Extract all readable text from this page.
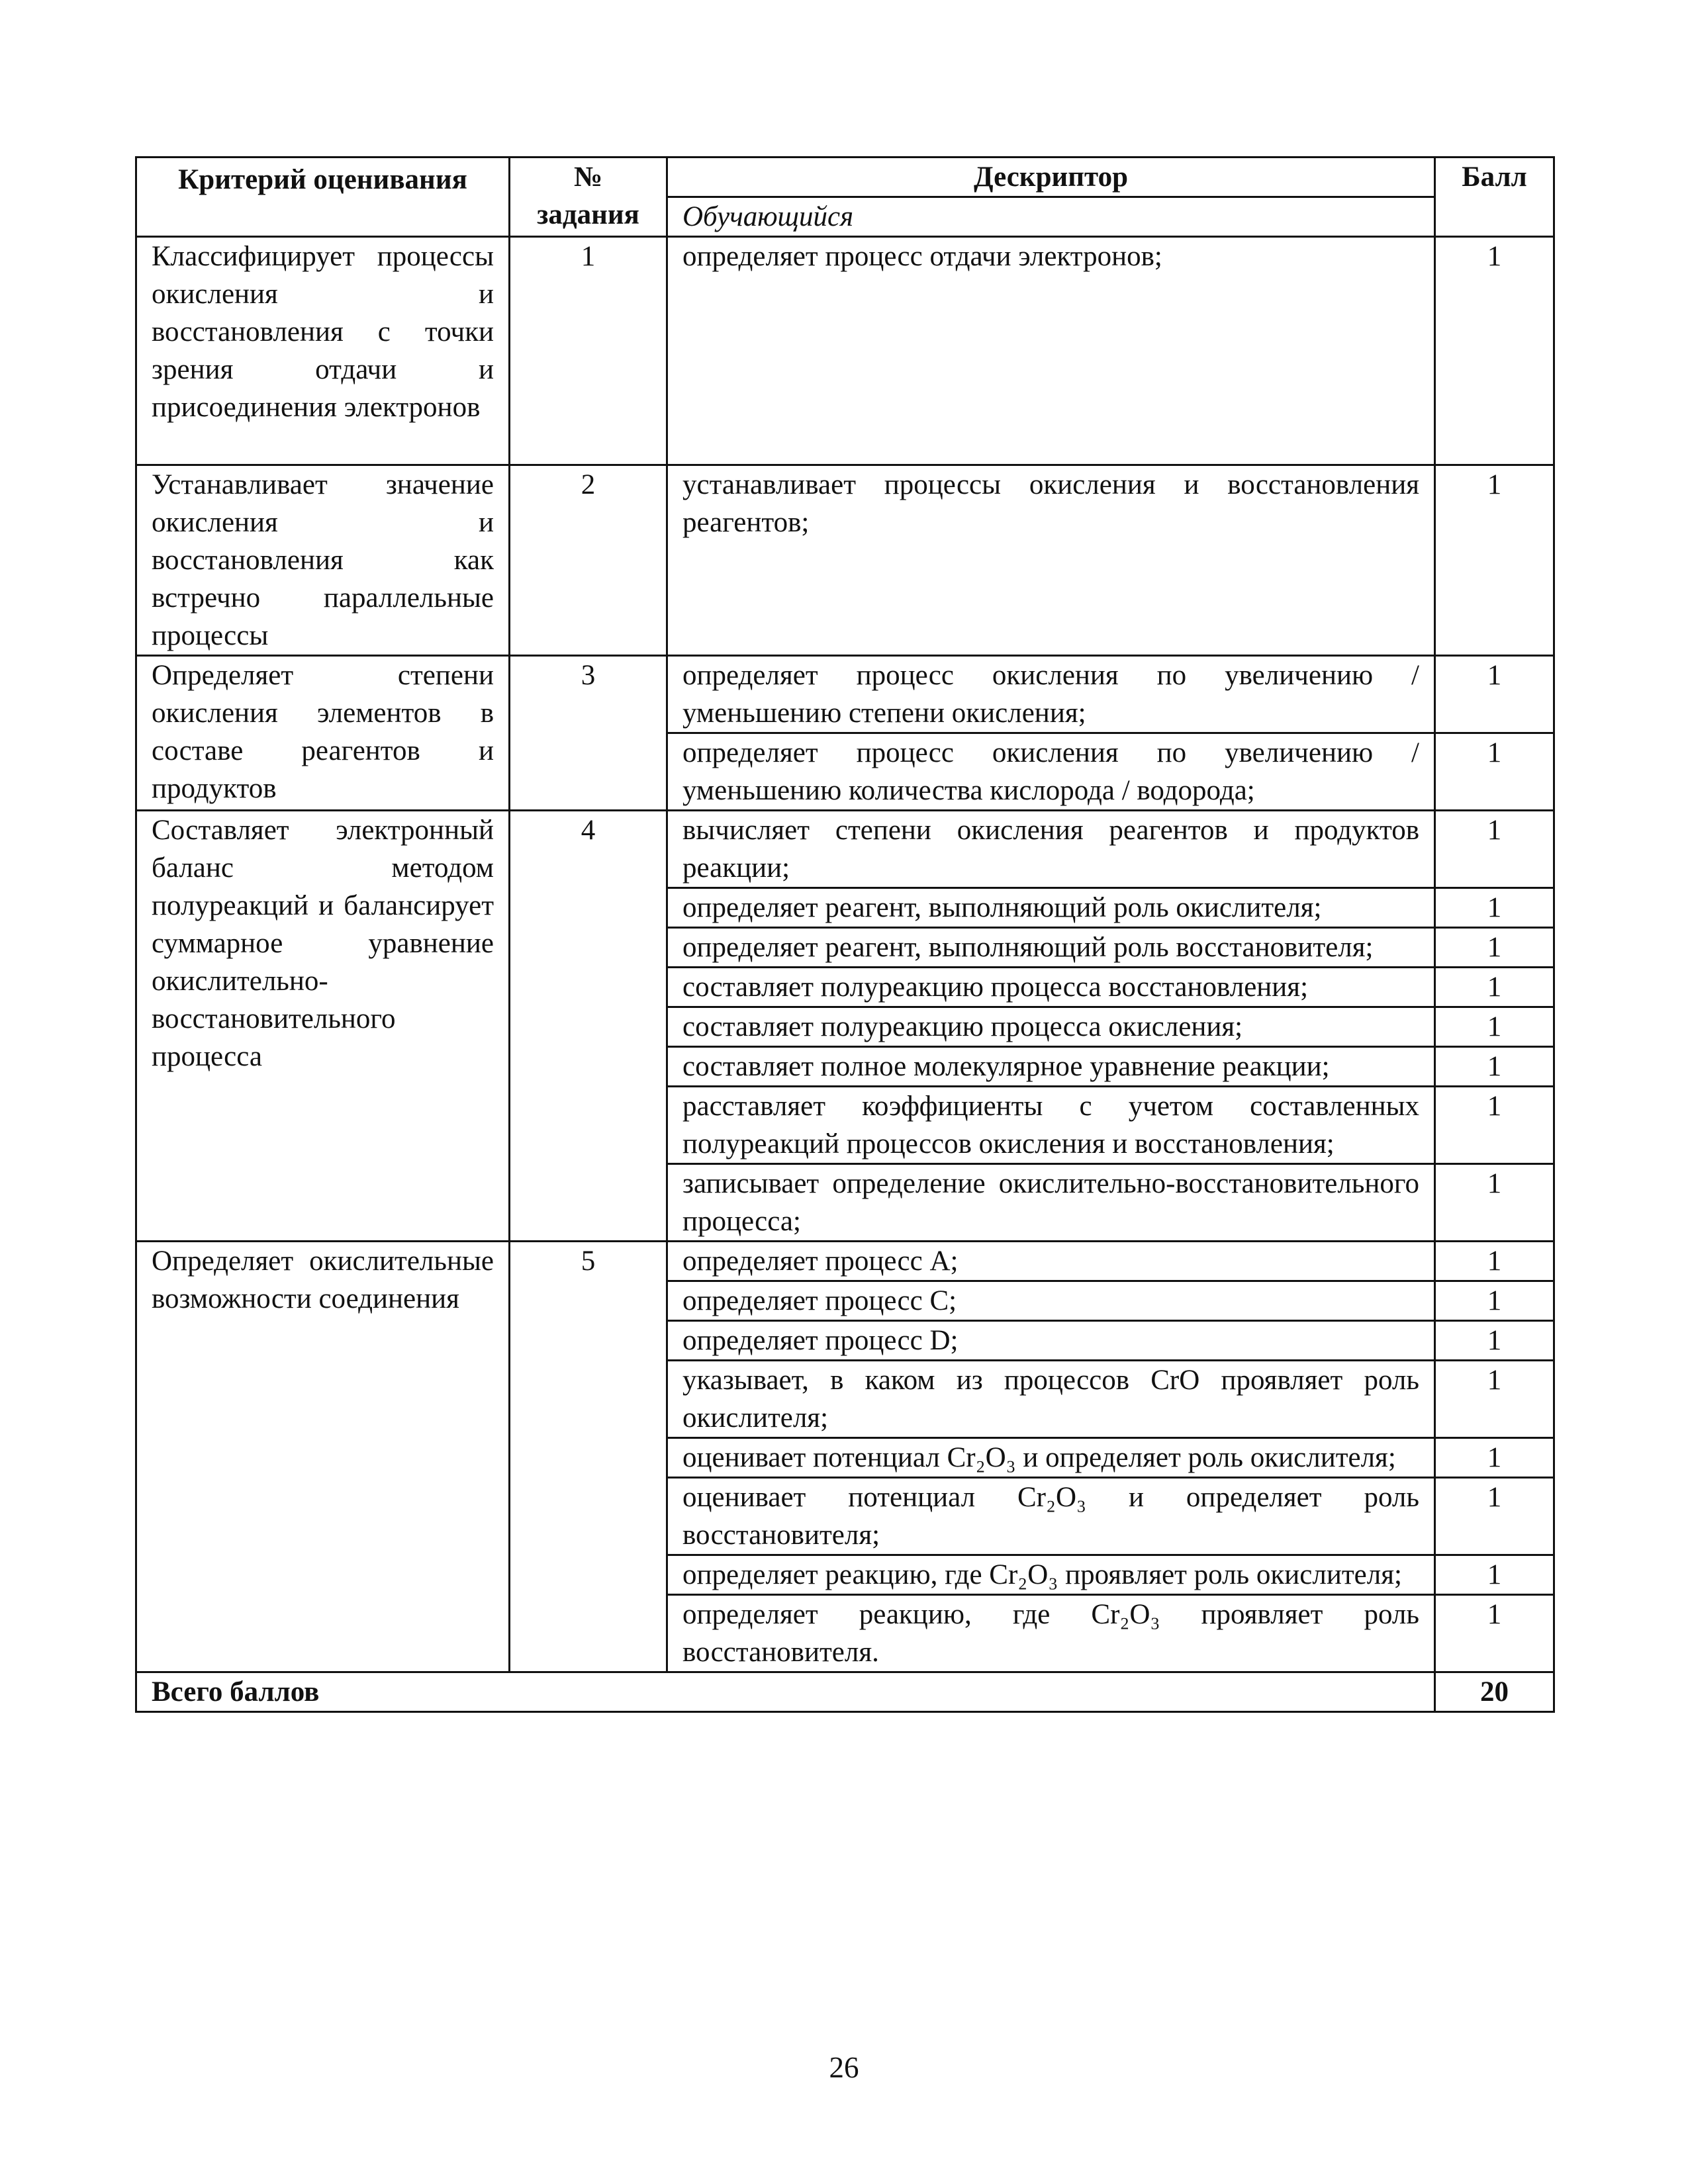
Критерий оценивания	№ задания	Дескриптор	Балл
		Обучающийся	
Классифицирует процессы окисления и восстановления с точки зрения отдачи и присоединения электронов	1	определяет процесс отдачи электронов;	1
Устанавливает значение окисления и восстановления как встречно параллельные процессы	2	устанавливает процессы окисления и восстановления реагентов;	1
Определяет степени окисления элементов в составе реагентов и продуктов	3	определяет процесс окисления по увеличению / уменьшению степени окисления;	1
		определяет процесс окисления по увеличению / уменьшению количества кислорода / водорода;	1
Составляет электронный баланс методом полуреакций и балансирует суммарное уравнение окислительно-восстановительного процесса	4	вычисляет степени окисления реагентов и продуктов реакции;	1
		определяет реагент, выполняющий роль окислителя;	1
		определяет реагент, выполняющий роль восстановителя;	1
		составляет полуреакцию процесса восстановления;	1
		составляет полуреакцию процесса окисления;	1
		составляет полное молекулярное уравнение реакции;	1
		расставляет коэффициенты с учетом составленных полуреакций процессов окисления и восстановления;	1
		записывает определение окислительно-восстановительного процесса;	1
Определяет окислительные возможности соединения	5	определяет процесс А;	1
		определяет процесс С;	1
		определяет процесс D;	1
		указывает, в каком из процессов CrO проявляет роль окислителя;	1
		оценивает потенциал Cr₂O₃ и определяет роль окислителя;	1
		оценивает потенциал Cr₂O₃ и определяет роль восстановителя;	1
		определяет реакцию, где Cr₂O₃ проявляет роль окислителя;	1
		определяет реакцию, где Cr₂O₃ проявляет роль восстановителя.	1
Всего баллов			20
26
